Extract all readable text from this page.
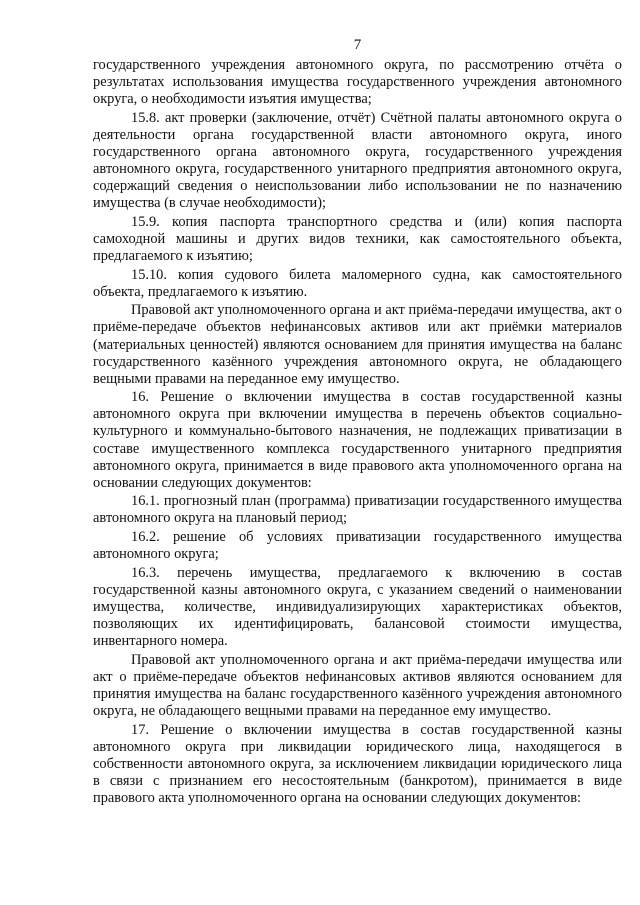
7

государственного учреждения автономного округа, по рассмотрению отчёта о результатах использования имущества государственного учреждения автономного округа, о необходимости изъятия имущества;

15.8. акт проверки (заключение, отчёт) Счётной палаты автономного округа о деятельности органа государственной власти автономного округа, иного государственного органа автономного округа, государственного учреждения автономного округа, государственного унитарного предприятия автономного округа, содержащий сведения о неиспользовании либо использовании не по назначению имущества (в случае необходимости);

15.9. копия паспорта транспортного средства и (или) копия паспорта самоходной машины и других видов техники, как самостоятельного объекта, предлагаемого к изъятию;

15.10. копия судового билета маломерного судна, как самостоятельного объекта, предлагаемого к изъятию.

Правовой акт уполномоченного органа и акт приёма-передачи имущества, акт о приёме-передаче объектов нефинансовых активов или акт приёмки материалов (материальных ценностей) являются основанием для принятия имущества на баланс государственного казённого учреждения автономного округа, не обладающего вещными правами на переданное ему имущество.

16. Решение о включении имущества в состав государственной казны автономного округа при включении имущества в перечень объектов социально-культурного и коммунально-бытового назначения, не подлежащих приватизации в составе имущественного комплекса государственного унитарного предприятия автономного округа, принимается в виде правового акта уполномоченного органа на основании следующих документов:

16.1. прогнозный план (программа) приватизации государственного имущества автономного округа на плановый период;

16.2. решение об условиях приватизации государственного имущества автономного округа;

16.3. перечень имущества, предлагаемого к включению в состав государственной казны автономного округа, с указанием сведений о наименовании имущества, количестве, индивидуализирующих характеристиках объектов, позволяющих их идентифицировать, балансовой стоимости имущества, инвентарного номера.

Правовой акт уполномоченного органа и акт приёма-передачи имущества или акт о приёме-передаче объектов нефинансовых активов являются основанием для принятия имущества на баланс государственного казённого учреждения автономного округа, не обладающего вещными правами на переданное ему имущество.

17. Решение о включении имущества в состав государственной казны автономного округа при ликвидации юридического лица, находящегося в собственности автономного округа, за исключением ликвидации юридического лица в связи с признанием его несостоятельным (банкротом), принимается в виде правового акта уполномоченного органа на основании следующих документов:
